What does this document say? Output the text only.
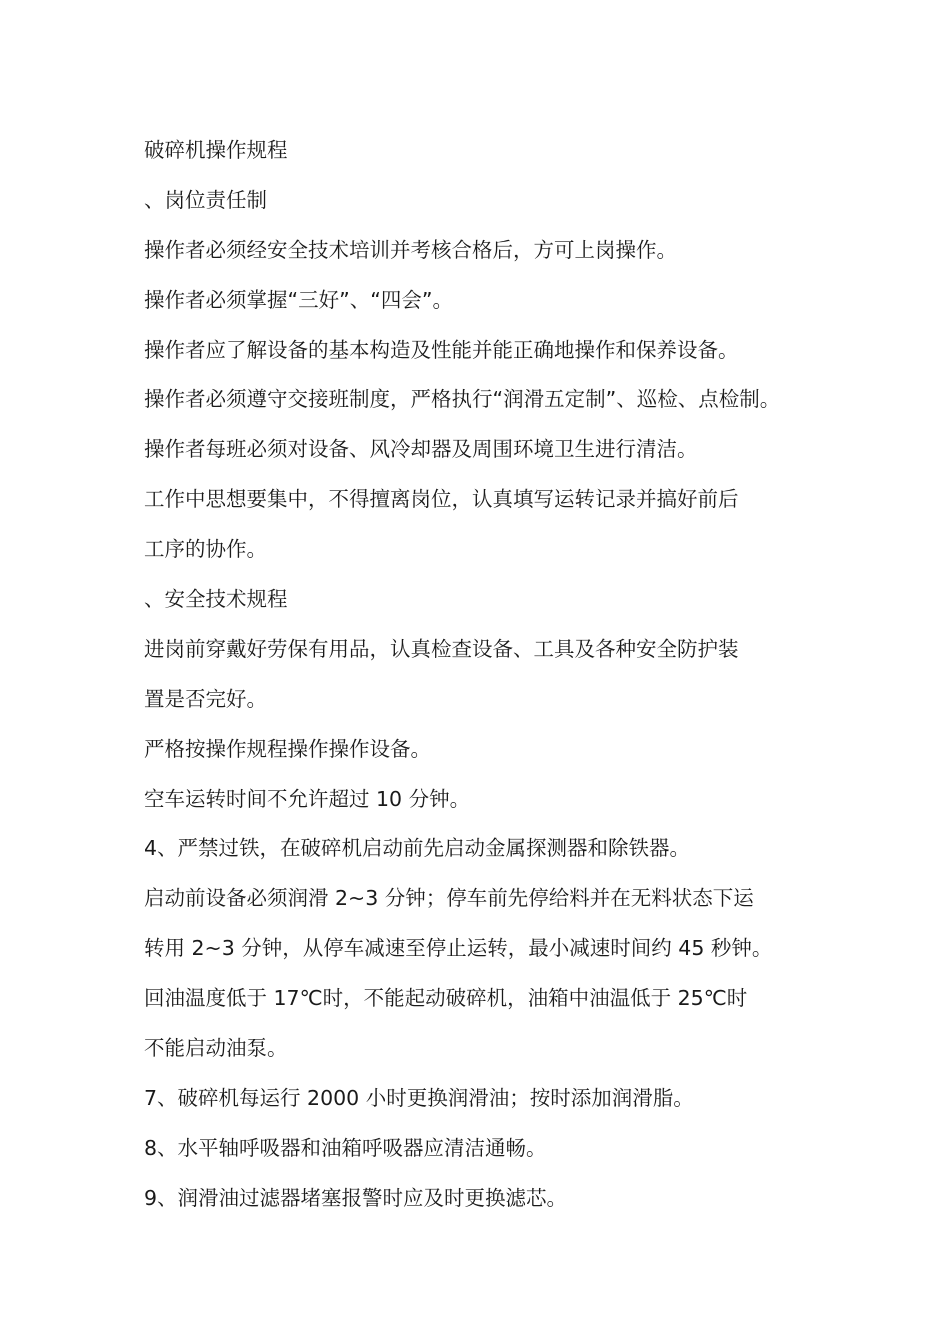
破碎机操作规程
、岗位责任制
操作者必须经安全技术培训并考核合格后，方可上岗操作。
操作者必须掌握“三好”、“四会”。
操作者应了解设备的基本构造及性能并能正确地操作和保养设备。
操作者必须遵守交接班制度，严格执行“润滑五定制”、巡检、点检制。
操作者每班必须对设备、风冷却器及周围环境卫生进行清洁。
工作中思想要集中，不得擅离岗位，认真填写运转记录并搞好前后
工序的协作。
、安全技术规程
进岗前穿戴好劳保有用品，认真检查设备、工具及各种安全防护装
置是否完好。
严格按操作规程操作操作设备。
空车运转时间不允许超过 10 分钟。
4、严禁过铁，在破碎机启动前先启动金属探测器和除铁器。
启动前设备必须润滑 2~3 分钟；停车前先停给料并在无料状态下运
转用 2~3 分钟，从停车减速至停止运转，最小减速时间约 45 秒钟。
回油温度低于 17℃时，不能起动破碎机，油箱中油温低于 25℃时
不能启动油泵。
7、破碎机每运行 2000 小时更换润滑油；按时添加润滑脂。
8、水平轴呼吸器和油箱呼吸器应清洁通畅。
9、润滑油过滤器堵塞报警时应及时更换滤芯。
